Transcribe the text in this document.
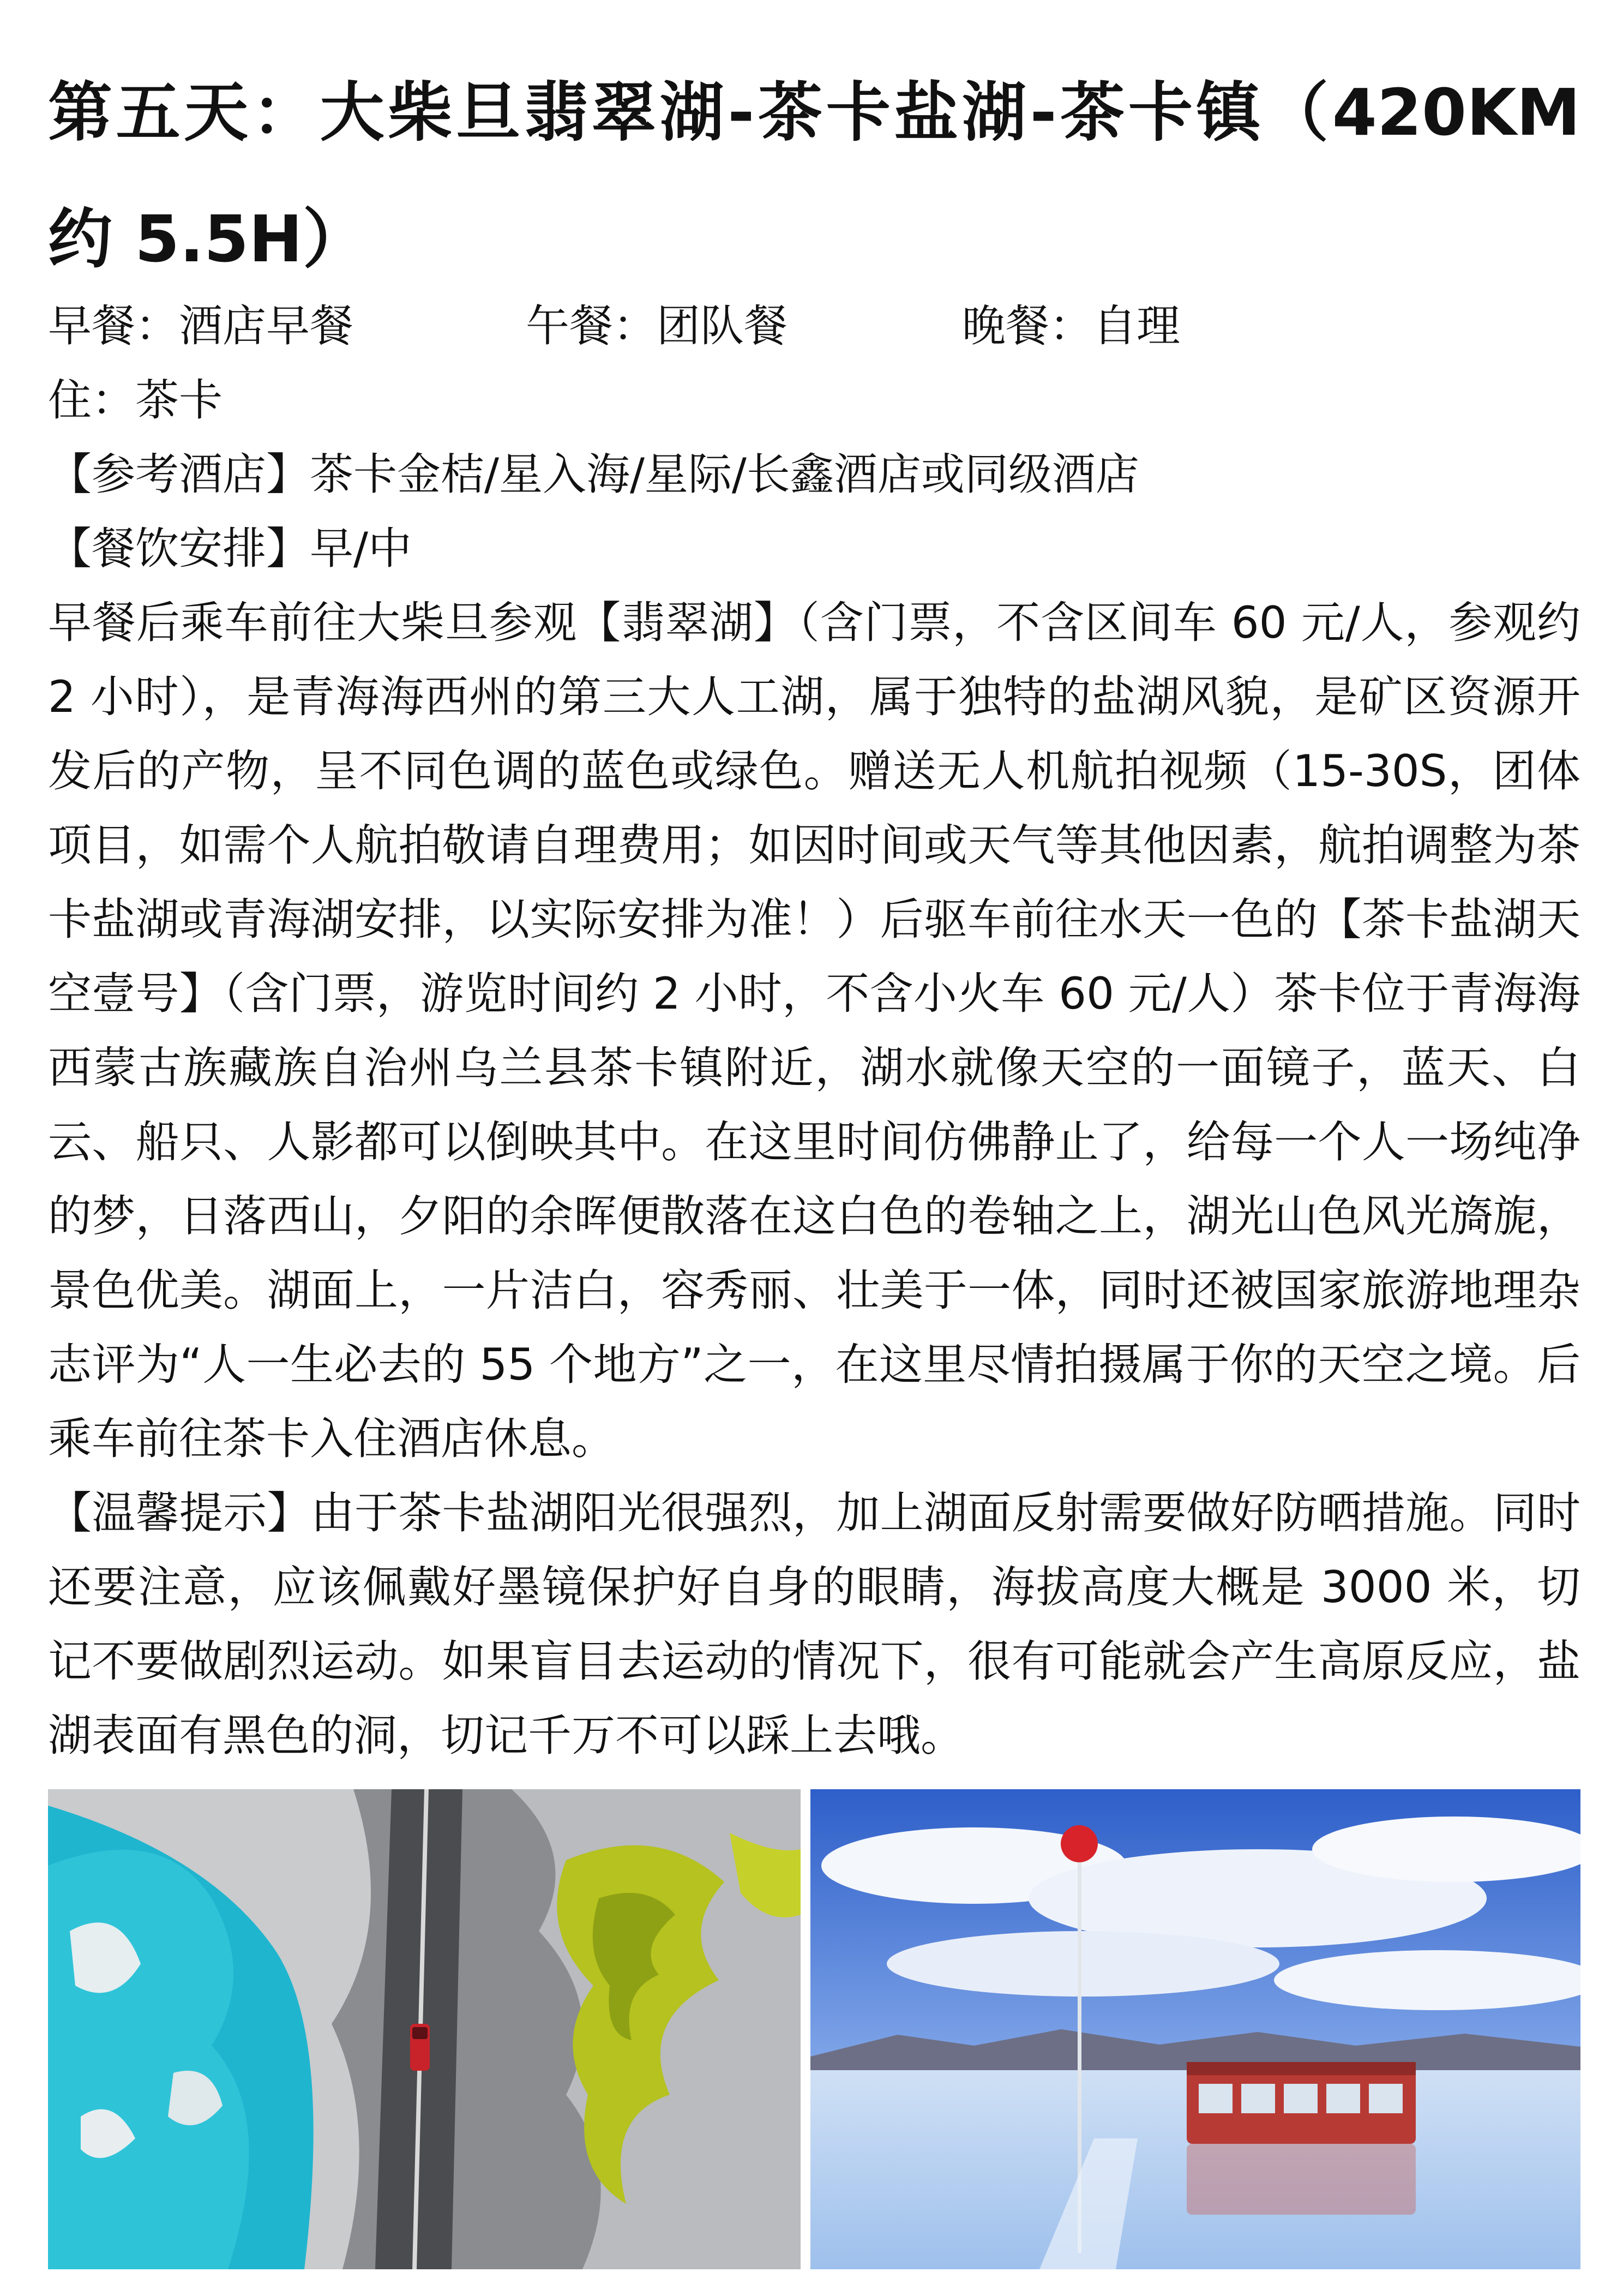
第五天：大柴旦翡翠湖-茶卡盐湖-茶卡镇（420KM 约 5.5H）
早餐：酒店早餐	午餐：团队餐	晚餐：自理
住：茶卡
【参考酒店】茶卡金桔/星入海/星际/长鑫酒店或同级酒店
【餐饮安排】早/中

早餐后乘车前往大柴旦参观【翡翠湖】（含门票，不含区间车 60 元/人，参观约 2 小时），是青海海西州的第三大人工湖，属于独特的盐湖风貌，是矿区资源开发后的产物，呈不同色调的蓝色或绿色。赠送无人机航拍视频（15-30S，团体项目，如需个人航拍敬请自理费用；如因时间或天气等其他因素，航拍调整为茶卡盐湖或青海湖安排，以实际安排为准！）后驱车前往水天一色的【茶卡盐湖天空壹号】（含门票，游览时间约 2 小时，不含小火车 60 元/人）茶卡位于青海海西蒙古族藏族自治州乌兰县茶卡镇附近，湖水就像天空的一面镜子，蓝天、白云、船只、人影都可以倒映其中。在这里时间仿佛静止了，给每一个人一场纯净的梦，日落西山，夕阳的余晖便散落在这白色的卷轴之上，湖光山色风光旖旎，景色优美。湖面上，一片洁白，容秀丽、壮美于一体，同时还被国家旅游地理杂志评为“人一生必去的 55 个地方”之一，在这里尽情拍摄属于你的天空之境。后乘车前往茶卡入住酒店休息。

【温馨提示】由于茶卡盐湖阳光很强烈，加上湖面反射需要做好防晒措施。同时还要注意，应该佩戴好墨镜保护好自身的眼睛，海拔高度大概是 3000 米，切记不要做剧烈运动。如果盲目去运动的情况下，很有可能就会产生高原反应，盐湖表面有黑色的洞，切记千万不可以踩上去哦。
